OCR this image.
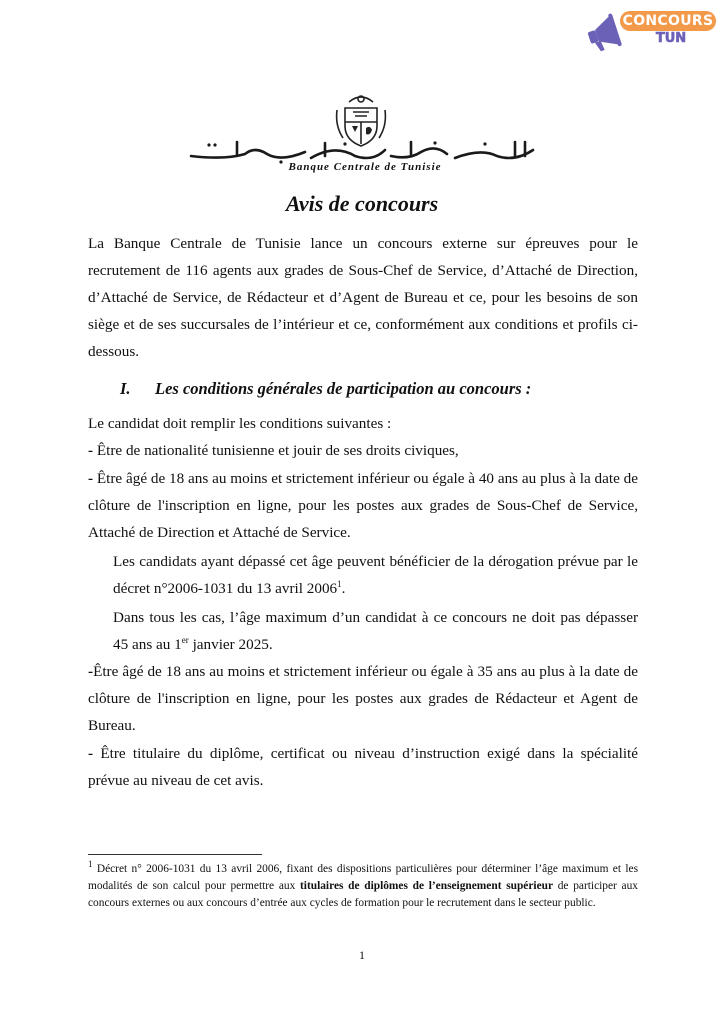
CONCOURS
TUN
Banque Centrale de Tunisie
Avis de concours

La Banque Centrale de Tunisie lance un concours externe sur épreuves pour le recrutement de 116 agents aux grades de Sous-Chef de Service, d’Attaché de Direction, d’Attaché de Service, de Rédacteur et d’Agent de Bureau et ce, pour les besoins de son siège et de ses succursales de l’intérieur et ce, conformément aux conditions et profils ci-dessous.

I. Les conditions générales de participation au concours :

Le candidat doit remplir les conditions suivantes :

- Être de nationalité tunisienne et jouir de ses droits civiques,

- Être âgé de 18 ans au moins et strictement inférieur ou égale à 40 ans au plus à la date de clôture de l'inscription en ligne, pour les postes aux grades de Sous-Chef de Service, Attaché de Direction et Attaché de Service.

Les candidats ayant dépassé cet âge peuvent bénéficier de la dérogation prévue par le décret n°2006-1031 du 13 avril 2006$^1$.

Dans tous les cas, l’âge maximum d’un candidat à ce concours ne doit pas dépasser 45 ans au 1er janvier 2025.

-Être âgé de 18 ans au moins et strictement inférieur ou égale à 35 ans au plus à la date de clôture de l'inscription en ligne, pour les postes aux grades de Rédacteur et Agent de Bureau.

- Être titulaire du diplôme, certificat ou niveau d’instruction exigé dans la spécialité prévue au niveau de cet avis.

$^1$ Décret n° 2006-1031 du 13 avril 2006, fixant des dispositions particulières pour déterminer l’âge maximum et les modalités de son calcul pour permettre aux titulaires de diplômes de l’enseignement supérieur de participer aux concours externes ou aux concours d’entrée aux cycles de formation pour le recrutement dans le secteur public.

1
